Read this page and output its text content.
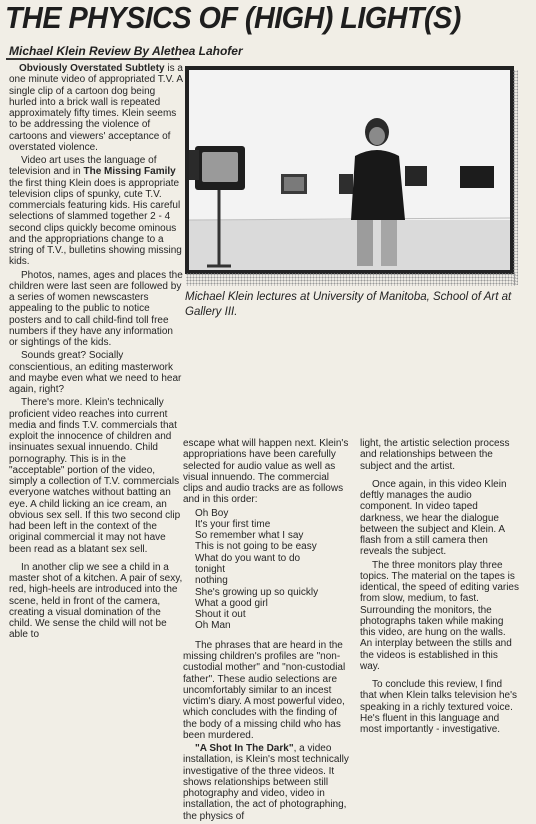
THE PHYSICS OF (HIGH) LIGHT(S)
Michael Klein Review By Alethea Lahofer
Michael Klein lectures at University of Manitoba, School of Art at Gallery III.

Obviously Overstated Subtlety is a one minute video of appropriated T.V. A single clip of a cartoon dog being hurled into a brick wall is repeated approximately fifty times. Klein seems to be addressing the violence of cartoons and viewers' acceptance of overstated violence.

Video art uses the language of television and in The Missing Family the first thing Klein does is appropriate television clips of spunky, cute T.V. commercials featuring kids. His careful selections of slammed together 2 - 4 second clips quickly become ominous and the appropriations change to a string of T.V., bulletins showing missing kids.

Photos, names, ages and places the children were last seen are followed by a series of women newscasters appealing to the public to notice posters and to call child-find toll free numbers if they have any information or sightings of the kids.

Sounds great? Socially conscientious, an editing masterwork and maybe even what we need to hear again, right?

There's more. Klein's technically proficient video reaches into current media and finds T.V. commercials that exploit the innocence of children and insinuates sexual innuendo. Child pornography. This is in the "acceptable" portion of the video, simply a collection of T.V. commercials everyone watches without batting an eye. A child licking an ice cream, an obvious sex sell. If this two second clip had been left in the context of the original commercial it may not have been read as a blatant sex sell.

In another clip we see a child in a master shot of a kitchen. A pair of sexy, red, high-heels are introduced into the scene, held in front of the camera, creating a visual domination of the child. We sense the child will not be able to

escape what will happen next. Klein's appropriations have been carefully selected for audio value as well as visual innuendo. The commercial clips and audio tracks are as follows and in this order:

Oh Boy
It's your first time
So remember what I say
This is not going to be easy
What do you want to do
tonight
nothing
She's growing up so quickly
What a good girl
Shout it out
Oh Man

The phrases that are heard in the missing children's profiles are "non-custodial mother" and "non-custodial father". These audio selections are uncomfortably similar to an incest victim's diary. A most powerful video, which concludes with the finding of the body of a missing child who has been murdered.

"A Shot In The Dark", a video installation, is Klein's most technically investigative of the three videos. It shows relationships between still photography and video, video in installation, the act of photographing, the physics of

light, the artistic selection process and relationships between the subject and the artist.

Once again, in this video Klein deftly manages the audio component. In video taped darkness, we hear the dialogue between the subject and Klein. A flash from a still camera then reveals the subject.

The three monitors play three topics. The material on the tapes is identical, the speed of editing varies from slow, medium, to fast. Surrounding the monitors, the photographs taken while making this video, are hung on the walls. An interplay between the stills and the videos is established in this way.

To conclude this review, I find that when Klein talks television he's speaking in a richly textured voice. He's fluent in this language and most importantly - investigative.
